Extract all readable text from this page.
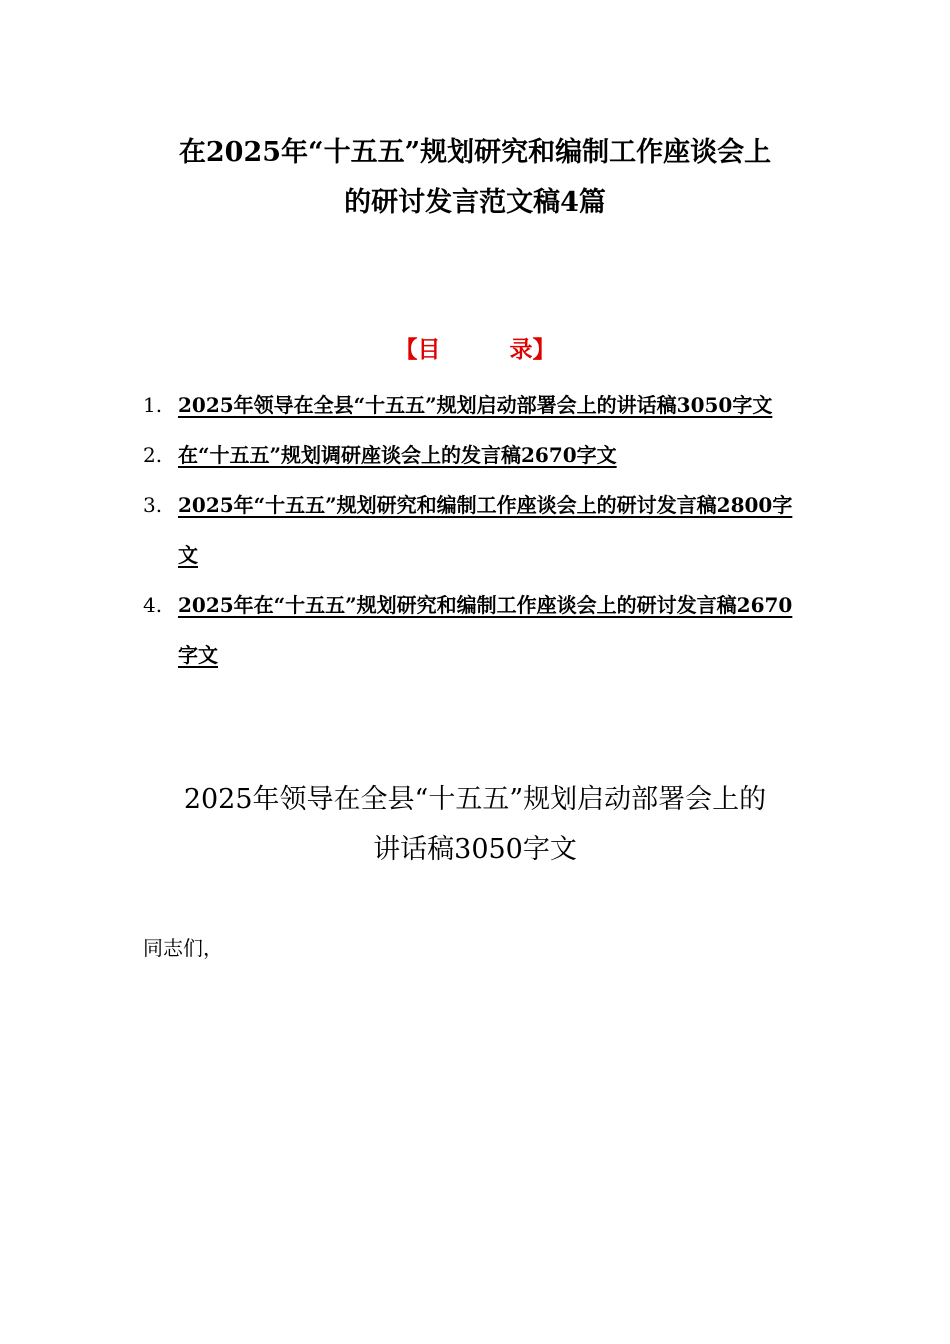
在2025年“十五五”规划研究和编制工作座谈会上
的研讨发言范文稿4篇
【目　　　录】
1. 2025年领导在全县“十五五”规划启动部署会上的讲话稿3050字文
2. 在“十五五”规划调研座谈会上的发言稿2670字文
3. 2025年“十五五”规划研究和编制工作座谈会上的研讨发言稿2800字文
4. 2025年在“十五五”规划研究和编制工作座谈会上的研讨发言稿2670字文
2025年领导在全县“十五五”规划启动部署会上的
讲话稿3050字文

同志们，
